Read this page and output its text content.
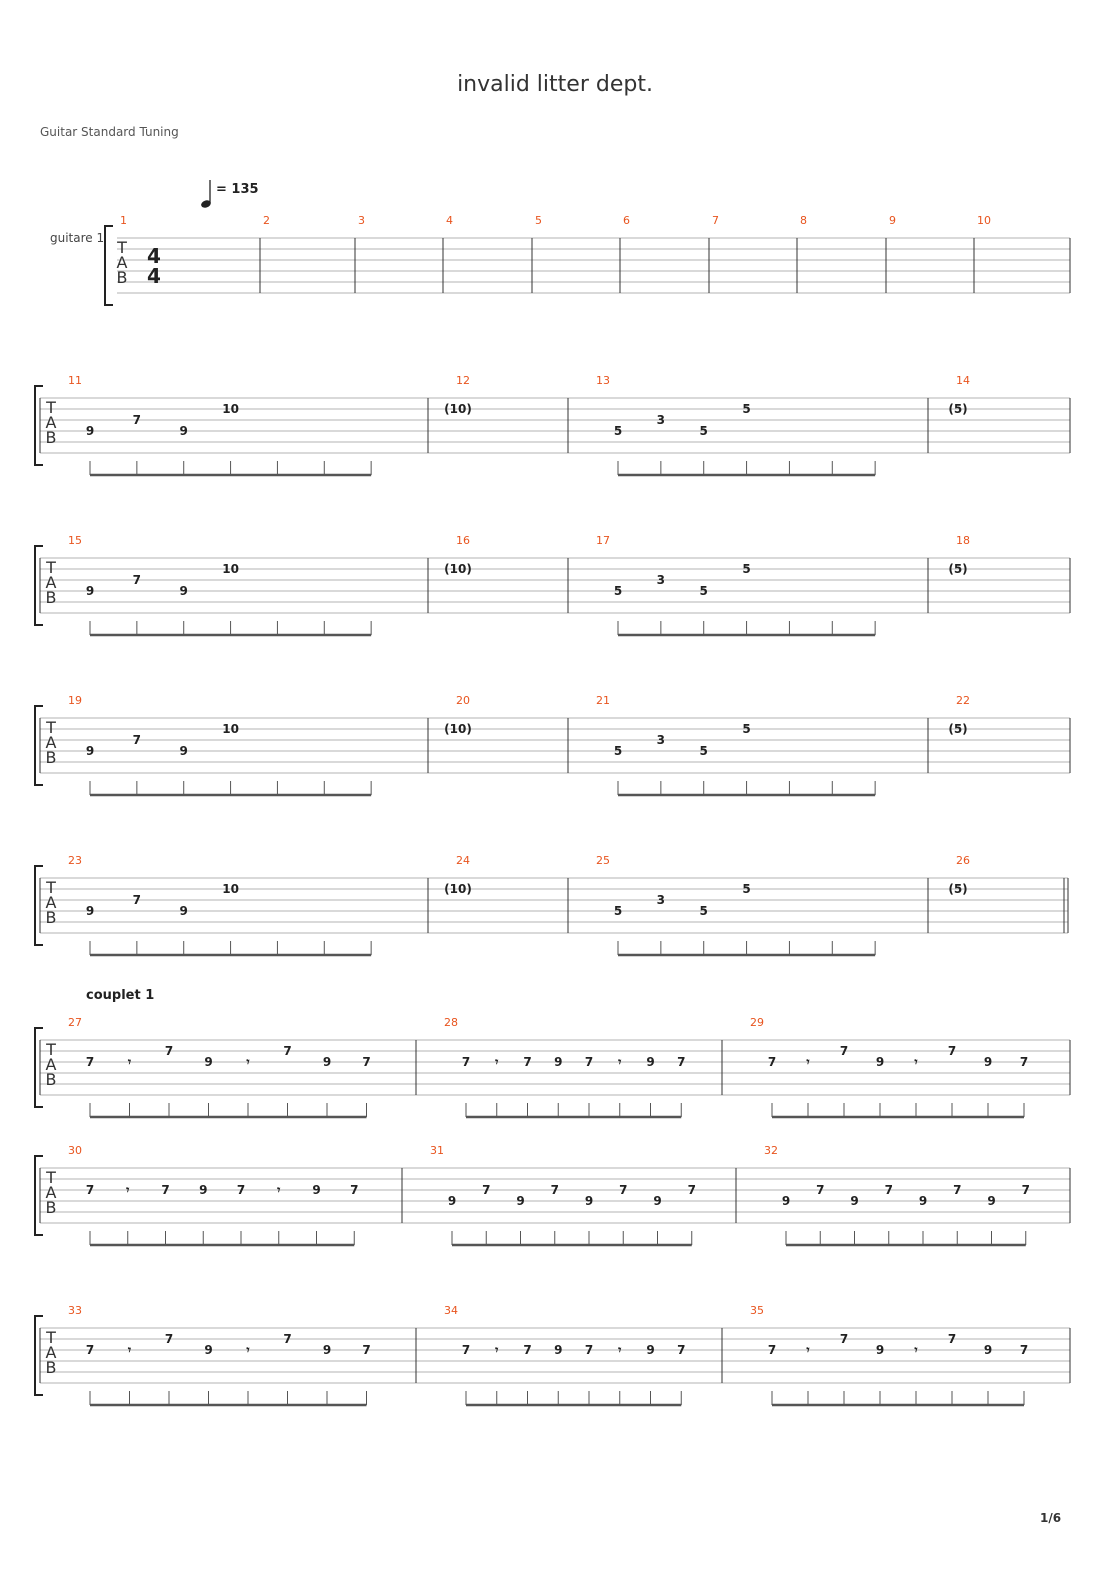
invalid litter dept.
Guitar Standard Tuning
1/6
= 135
guitare 1
couplet 1
T
A
B
4
4
1	2	3	4	5	6	7	8	9	10
T
A
B
11
9
7
9
10
12
(10)
13
5
3
5
5
14
(5)
T
A
B
15
9
7
9
10
16
(10)
17
5
3
5
5
18
(5)
T
A
B
19
9
7
9
10
20
(10)
21
5
3
5
5
22
(5)
T
A
B
23
9
7
9
10
24
(10)
25
5
3
5
5
26
(5)
T
A
B
27
7	𝄾
7
9	𝄾
7
9	7
28
7 𝄾 7 9 7 𝄾 9 7
29
7	𝄾
7
9	𝄾
7
9 7
T
A
B
30
7	𝄾	7 9 7	𝄾	9 7
31
9
7
9
7
9
7
9
7
32
9
7
9
7
9
7
9
7
T
A
B
33
7	𝄾
7
9	𝄾
7
9	7
34
7 𝄾 7 9 7 𝄾 9 7
35
7	𝄾
7
9	𝄾
7
9 7
